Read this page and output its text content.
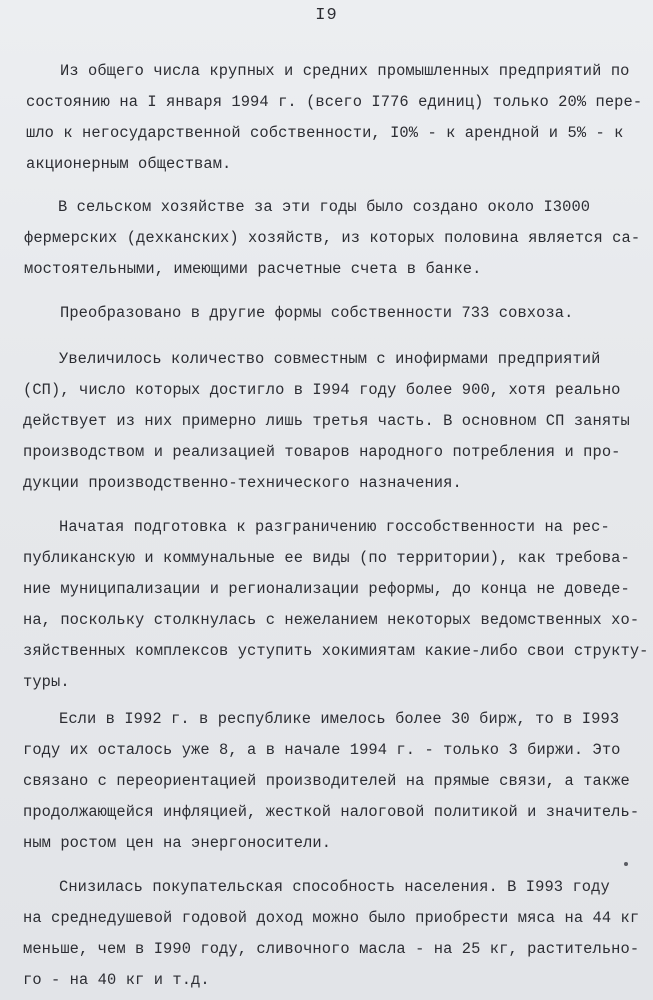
I9

Из общего числа крупных и средних промышленных предприятий по
состоянию на I января 1994 г. (всего I776 единиц) только 20% пере-
шло к негосударственной собственности, I0% - к арендной и 5% - к
акционерным обществам.

В сельском хозяйстве за эти годы было создано около I3000
фермерских (дехканских) хозяйств, из которых половина является са-
мостоятельными, имеющими расчетные счета в банке.

Преобразовано в другие формы собственности 733 совхоза.

Увеличилось количество совместным с инофирмами предприятий
(СП), число которых достигло в I994 году более 900, хотя реально
действует из них примерно лишь третья часть. В основном СП заняты
производством и реализацией товаров народного потребления и про-
дукции производственно-технического назначения.

Начатая подготовка к разграничению госсобственности на рес-
публиканскую и коммунальные ее виды (по территории), как требова-
ние муниципализации и регионализации реформы, до конца не доведе-
на, поскольку столкнулась с нежеланием некоторых ведомственных хо-
зяйственных комплексов уступить хокимиятам какие-либо свои структу-
туры.

Если в I992 г. в республике имелось более 30 бирж, то в I993
году их осталось уже 8, а в начале 1994 г. - только 3 биржи. Это
связано с переориентацией производителей на прямые связи, а также
продолжающейся инфляцией, жесткой налоговой политикой и значитель-
ным ростом цен на энергоносители.

Снизилась покупательская способность населения. В I993 году
на среднедушевой годовой доход можно было приобрести мяса на 44 кг
меньше, чем в I990 году, сливочного масла - на 25 кг, растительно-
го - на 40 кг и т.д.
